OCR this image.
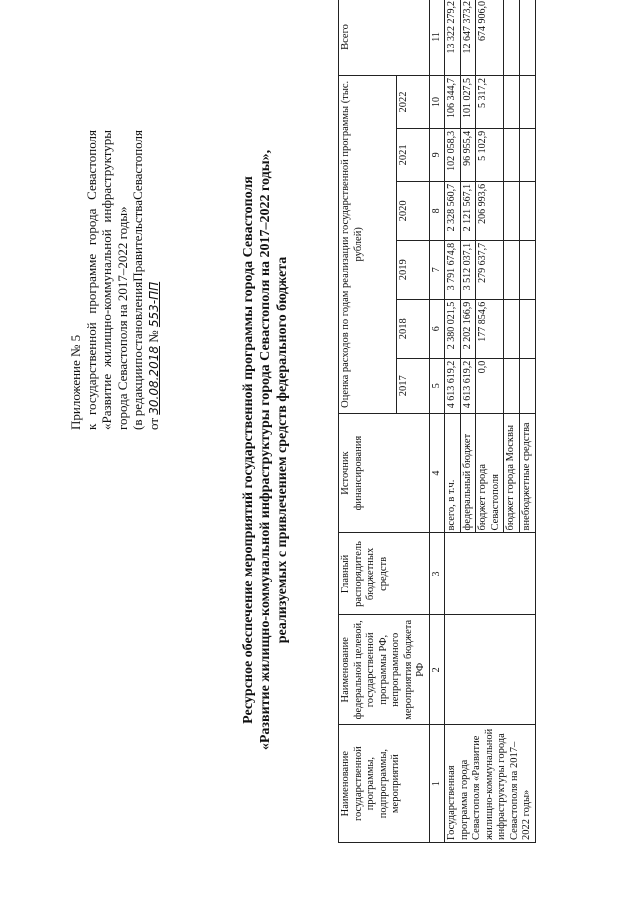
Приложение № 5 к
государственной
программе
города
Севастополя
«Развитие
жилищно-коммунальной
инфраструктуры
города Севастополя на 2017–2022 годы» (в редакции
постановления
Правительства
Севастополя
от 30.08.2018 № 553-ПП	Ресурсное обеспечение мероприятий государственной программы города Севастополя «Развитие жилищно-коммунальной инфраструктуры города Севастополя на 2017–2022 годы», реализуемых с привлечением средств федерального бюджета
Наименование государственной программы, подпрограммы, мероприятий	Наименование федеральной целевой, государственной программы РФ, непрограммного мероприятия бюджета РФ	Главный распорядитель бюджетных средств	Источник финансирования	Оценка расходов по годам реализации государственной программы (тыс. рублей)						Всего
				2017	2018	2019	2020	2021	2022	
1	2	3	4	5	6	7	8	9	10	11
Государственная программа города Севастополя «Развитие жилищно-коммунальной инфраструктуры города Севастополя на 2017–2022 годы»			всего, в т.ч.	4 613 619,2	2 380 021,5	3 791 674,8	2 328 560,7	102 058,3	106 344,7	13 322 279,2
			федеральный бюджет	4 613 619,2	2 202 166,9	3 512 037,1	2 121 567,1	96 955,4	101 027,5	12 647 373,2
			бюджет города Севастополя	0,0	177 854,6	279 637,7	206 993,6	5 102,9	5 317,2	674 906,0
			бюджет города Москвы							
			внебюджетные средства							
